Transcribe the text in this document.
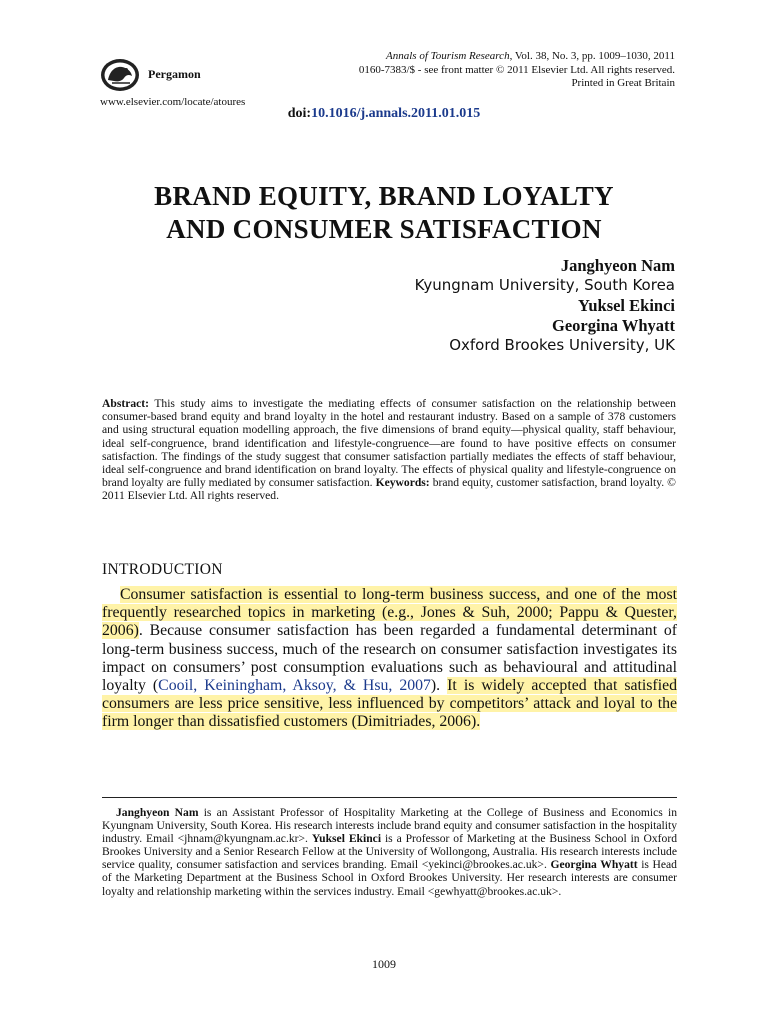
Pergamon
Annals of Tourism Research, Vol. 38, No. 3, pp. 1009–1030, 2011
0160-7383/$ - see front matter © 2011 Elsevier Ltd. All rights reserved.
Printed in Great Britain
www.elsevier.com/locate/atoures
doi:10.1016/j.annals.2011.01.015
BRAND EQUITY, BRAND LOYALTY
AND CONSUMER SATISFACTION
Janghyeon Nam
Kyungnam University, South Korea
Yuksel Ekinci
Georgina Whyatt
Oxford Brookes University, UK
Abstract: This study aims to investigate the mediating effects of consumer satisfaction on the relationship between consumer-based brand equity and brand loyalty in the hotel and restaurant industry. Based on a sample of 378 customers and using structural equation modelling approach, the five dimensions of brand equity—physical quality, staff behaviour, ideal self-congruence, brand identification and lifestyle-congruence—are found to have positive effects on consumer satisfaction. The findings of the study suggest that consumer satisfaction partially mediates the effects of staff behaviour, ideal self-congruence and brand identification on brand loyalty. The effects of physical quality and lifestyle-congruence on brand loyalty are fully mediated by consumer satisfaction. Keywords: brand equity, customer satisfaction, brand loyalty. © 2011 Elsevier Ltd. All rights reserved.
INTRODUCTION
Consumer satisfaction is essential to long-term business success, and one of the most frequently researched topics in marketing (e.g., Jones & Suh, 2000; Pappu & Quester, 2006). Because consumer satisfaction has been regarded a fundamental determinant of long-term business success, much of the research on consumer satisfaction investigates its impact on consumers’ post consumption evaluations such as behavioural and attitudinal loyalty (Cooil, Keiningham, Aksoy, & Hsu, 2007). It is widely accepted that satisfied consumers are less price sensitive, less influenced by competitors’ attack and loyal to the firm longer than dissatisfied customers (Dimitriades, 2006).
Janghyeon Nam is an Assistant Professor of Hospitality Marketing at the College of Business and Economics in Kyungnam University, South Korea. His research interests include brand equity and consumer satisfaction in the hospitality industry. Email <jhnam@kyungnam.ac.kr>. Yuksel Ekinci is a Professor of Marketing at the Business School in Oxford Brookes University and a Senior Research Fellow at the University of Wollongong, Australia. His research interests include service quality, consumer satisfaction and services branding. Email <yekinci@brookes.ac.uk>. Georgina Whyatt is Head of the Marketing Department at the Business School in Oxford Brookes University. Her research interests are consumer loyalty and relationship marketing within the services industry. Email <gewhyatt@brookes.ac.uk>.
1009
